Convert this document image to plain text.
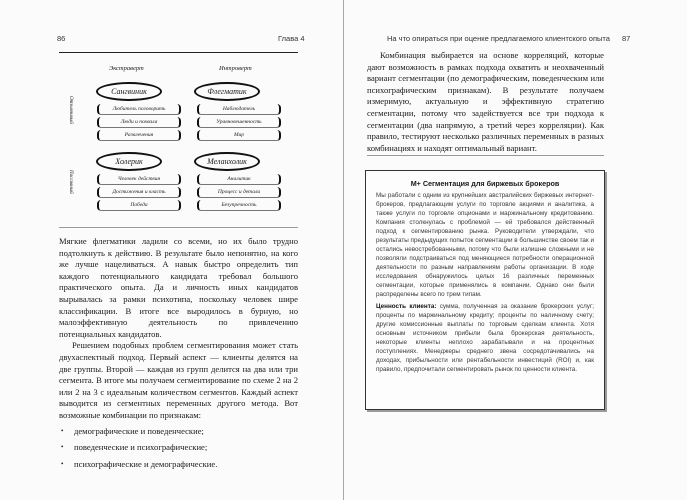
86	Глава 4
Экстраверт	Интроверт
Отзывчивый
Пассивный
Сангвиник
Любитель поговорить
Люди и похвала
Развлечения
Флегматик
Наблюдатель
Уравновешенность
Мир
Холерик
Человек действия
Достижения и власть
Победа
Меланхолик
Аналитик
Процесс и детали
Безупречность

Мягкие флегматики ладили со всеми, но их было трудно подтолкнуть к действию. В результате было непонятно, на кого же лучше нацеливаться. А навык быстро определить тип каждого потенциального кандидата требовал большого практического опыта. Да и личность иных кандидатов вырывалась за рамки психотипа, поскольку человек шире классификации. В итоге все выродилось в бурную, но малоэффективную деятельность по привлечению потенциальных кандидатов.

Решением подобных проблем сегментирования может стать двухаспектный подход. Первый аспект — клиенты делятся на две группы. Второй — каждая из групп делится на два или три сегмента. В итоге мы получаем сегментирование по схеме 2 на 2 или 2 на 3 с идеальным количеством сегментов. Каждый аспект выводится из сегментных переменных другого метода. Вот возможные комбинации по признакам:

• демографические и поведенческие;
• поведенческие и психографические;
• психографические и демографические.
На что опираться при оценке предлагаемого клиентского опыта 87

Комбинация выбирается на основе корреляций, которые дают возможность в рамках подхода охватить и неохваченный вариант сегментации (по демографическим, поведенческим или психографическим признакам). В результате получаем измеримую, актуальную и эффективную стратегию сегментации, потому что задействуется все три подхода к сегментации (два напрямую, а третий через корреляции). Как правило, тестируют несколько различных переменных в разных комбинациях и находят оптимальный вариант.

M+ Сегментация для биржевых брокеров

Мы работали с одним из крупнейших австралийских биржевых интернет-брокеров, предлагающим услуги по торговле акциями и аналитика, а также услуги по торговле опционами и маржинальному кредитованию. Компания столкнулась с проблемой — ей требовался действенный подход к сегментированию рынка. Руководители утверждали, что результаты предыдущих попыток сегментации в большинстве своем так и остались невостребованными, потому что были излишне сложными и не позволяли подстраиваться под меняющиеся потребности операционной деятельности по разным направлениям работы организации. В ходе исследования обнаружилось целых 16 различных переменных сегментации, которые применялись в компании. Однако они были распределены всего по трем типам.

Ценность клиента: сумма, полученная за оказание брокерских услуг; проценты по маржинальному кредиту; проценты по наличному счету; другие комиссионные выплаты по торговым сделкам клиента. Хотя основным источником прибыли была брокерская деятельность, некоторые клиенты неплохо зарабатывали и на процентных поступлениях. Менеджеры среднего звена сосредотачивались на доходах, прибыльности или рентабельности инвестиций (ROI) и, как правило, предпочитали сегментировать рынок по ценности клиента.
